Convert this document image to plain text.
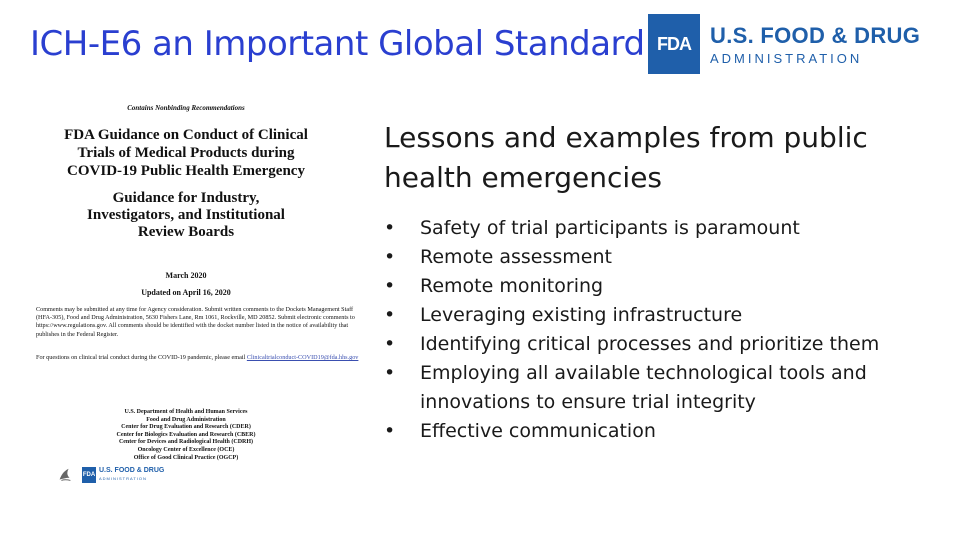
ICH-E6 an Important Global Standard FDA U.S. FOOD & DRUG
ADMINISTRATION
Contains Nonbinding Recommendations
FDA Guidance on Conduct of Clinical
Trials of Medical Products during
COVID-19 Public Health Emergency
Guidance for Industry,
Investigators, and Institutional
Review Boards
March 2020
Updated on April 16, 2020
Comments may be submitted at any time for Agency consideration. Submit written comments to the Dockets Management Staff (HFA-305), Food and Drug Administration, 5630 Fishers Lane, Rm 1061, Rockville, MD 20852. Submit electronic comments to https://www.regulations.gov. All comments should be identified with the docket number listed in the notice of availability that publishes in the Federal Register.
For questions on clinical trial conduct during the COVID-19 pandemic, please email Clinicaltrialconduct-COVID19@fda.hhs.gov
U.S. Department of Health and Human Services
Food and Drug Administration
Center for Drug Evaluation and Research (CDER)
Center for Biologics Evaluation and Research (CBER)
Center for Devices and Radiological Health (CDRH)
Oncology Center of Excellence (OCE)
Office of Good Clinical Practice (OGCP)
FDA
U.S. FOOD & DRUG
ADMINISTRATION
Lessons and examples from public health emergencies
•	Safety of trial participants is paramount
•	Remote assessment
•	Remote monitoring
•	Leveraging existing infrastructure
•	Identifying critical processes and prioritize them
•	Employing all available technological tools and innovations to ensure trial integrity
•	Effective communication
